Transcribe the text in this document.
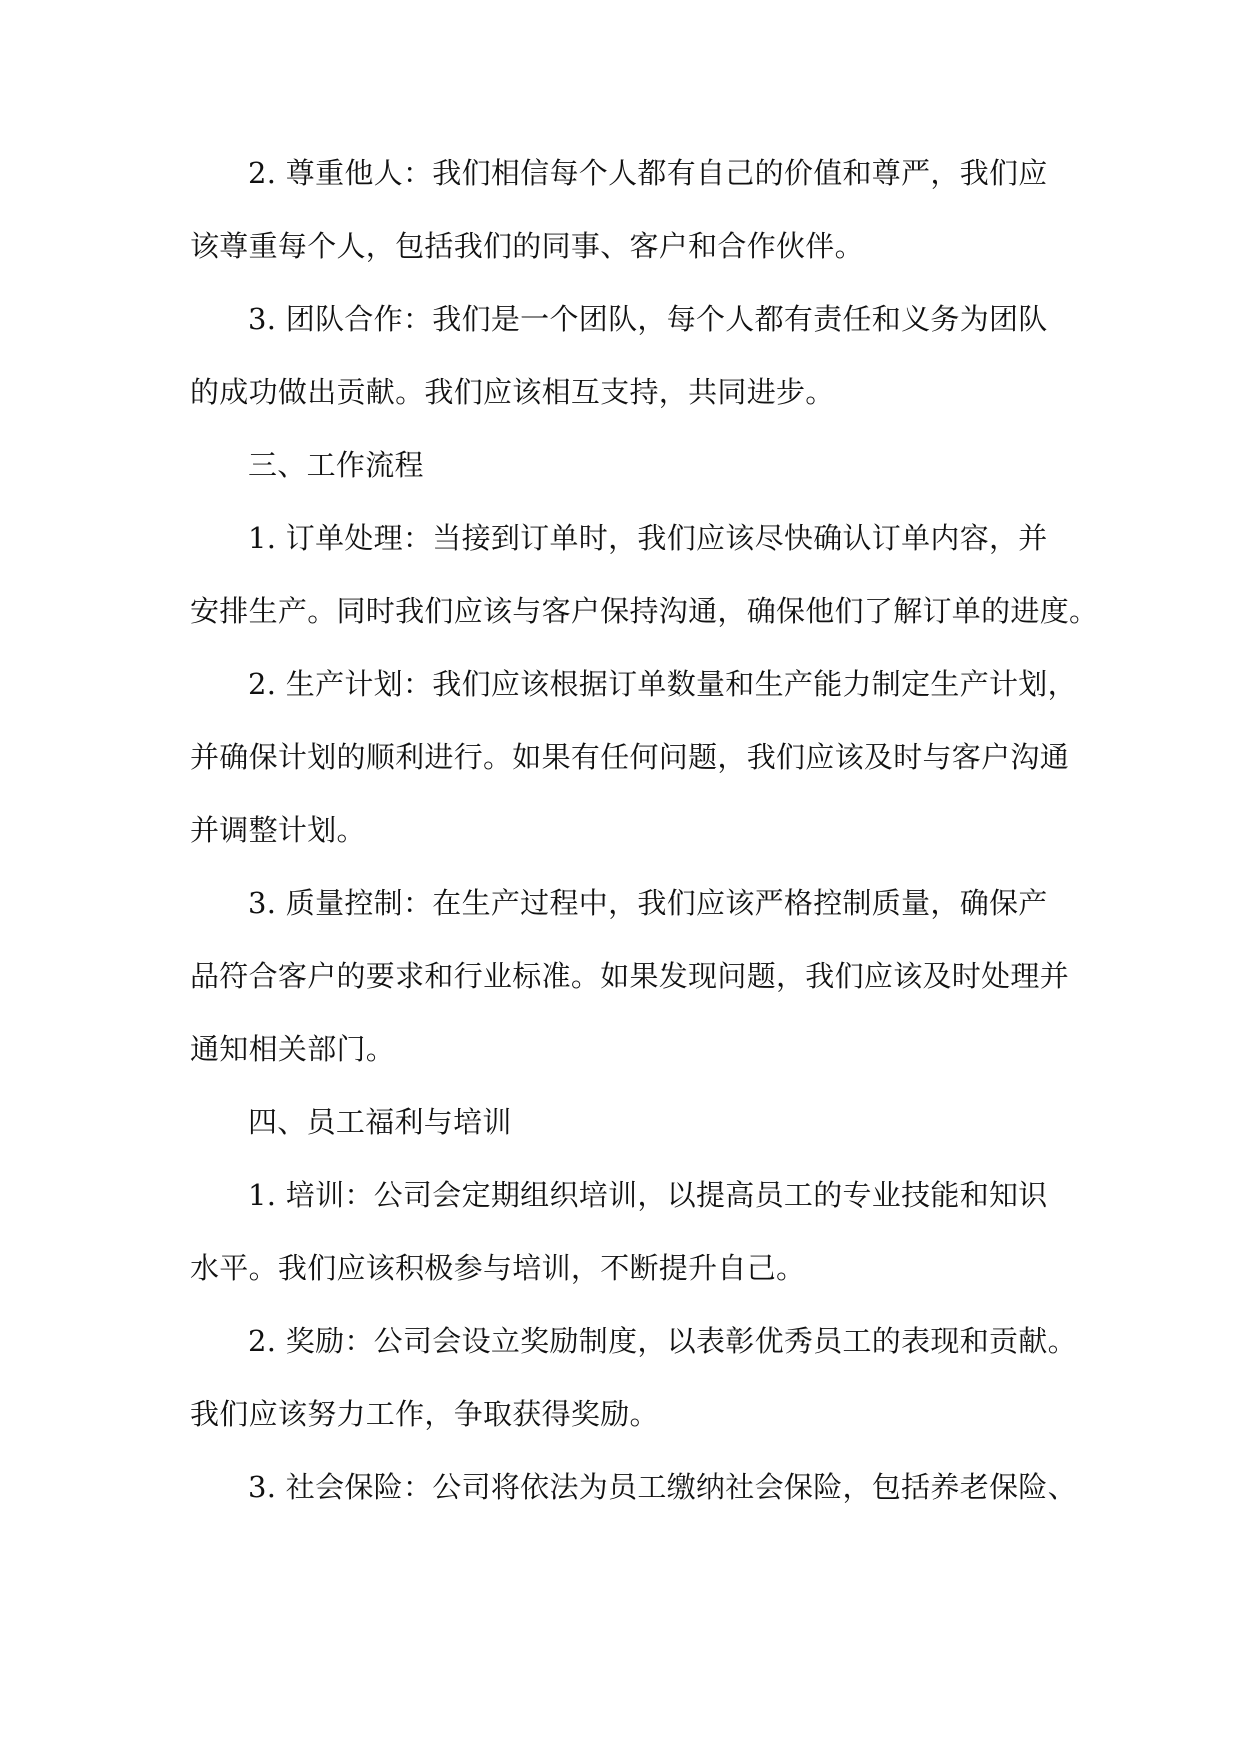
2. 尊重他人：我们相信每个人都有自己的价值和尊严，我们应
该尊重每个人，包括我们的同事、客户和合作伙伴。
3. 团队合作：我们是一个团队，每个人都有责任和义务为团队
的成功做出贡献。我们应该相互支持，共同进步。
三、工作流程
1. 订单处理：当接到订单时，我们应该尽快确认订单内容，并
安排生产。同时我们应该与客户保持沟通，确保他们了解订单的进度。
2. 生产计划：我们应该根据订单数量和生产能力制定生产计划，
并确保计划的顺利进行。如果有任何问题，我们应该及时与客户沟通
并调整计划。
3. 质量控制：在生产过程中，我们应该严格控制质量，确保产
品符合客户的要求和行业标准。如果发现问题，我们应该及时处理并
通知相关部门。
四、员工福利与培训
1. 培训：公司会定期组织培训，以提高员工的专业技能和知识
水平。我们应该积极参与培训，不断提升自己。
2. 奖励：公司会设立奖励制度，以表彰优秀员工的表现和贡献。
我们应该努力工作，争取获得奖励。
3. 社会保险：公司将依法为员工缴纳社会保险，包括养老保险、
